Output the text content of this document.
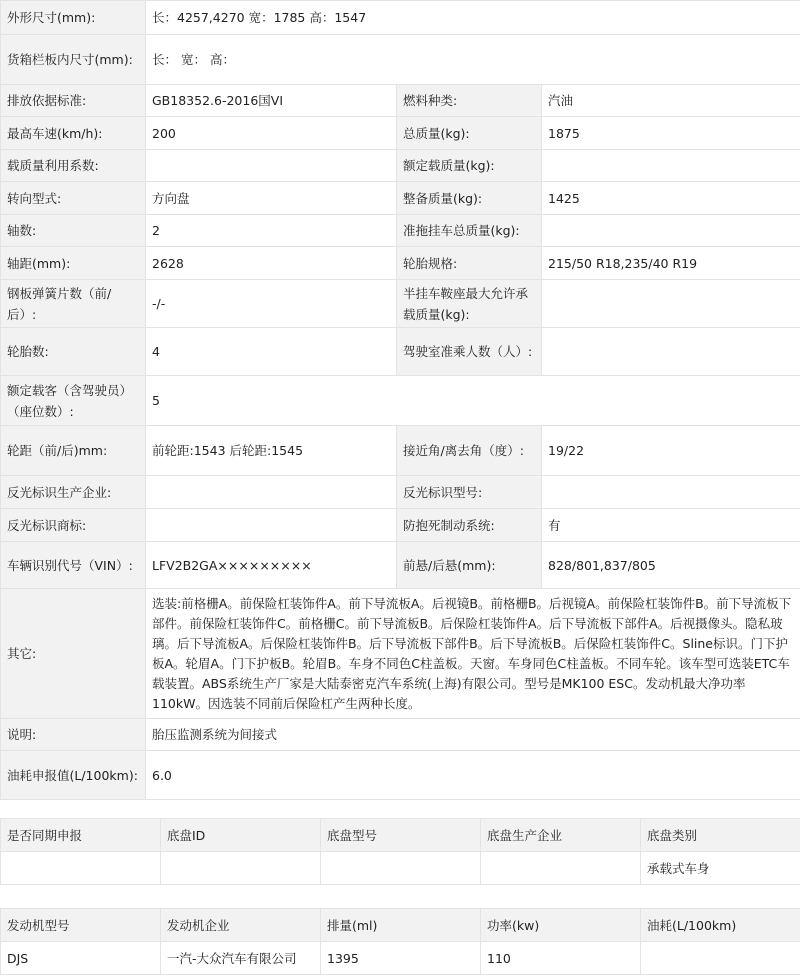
外形尺寸(mm):	长：4257,4270 宽：1785 高：1547		
货箱栏板内尺寸(mm):	长： 宽： 高：		
排放依据标准:	GB18352.6-2016国VI	燃料种类:	汽油
最高车速(km/h):	200	总质量(kg):	1875
载质量利用系数:		额定载质量(kg):	
转向型式:	方向盘	整备质量(kg):	1425
轴数:	2	准拖挂车总质量(kg):	
轴距(mm):	2628	轮胎规格:	215/50 R18,235/40 R19
钢板弹簧片数（前/后）:	-/-	半挂车鞍座最大允许承载质量(kg):	
轮胎数:	4	驾驶室准乘人数（人）:	
额定载客（含驾驶员）（座位数）:	5		
轮距（前/后)mm:	前轮距:1543 后轮距:1545	接近角/离去角（度）:	19/22
反光标识生产企业:		反光标识型号:	
反光标识商标:		防抱死制动系统:	有
车辆识别代号（VIN）:	LFV2B2GA×××××××××	前悬/后悬(mm):	828/801,837/805
其它:	选装:前格栅A。前保险杠装饰件A。前下导流板A。后视镜B。前格栅B。后视镜A。前保险杠装饰件B。前下导流板下部件。前保险杠装饰件C。前格栅C。前下导流板B。后保险杠装饰件A。后下导流板下部件A。后视摄像头。隐私玻璃。后下导流板A。后保险杠装饰件B。后下导流板下部件B。后下导流板B。后保险杠装饰件C。Sline标识。门下护板A。轮眉A。门下护板B。轮眉B。车身不同色C柱盖板。天窗。车身同色C柱盖板。不同车轮。该车型可选装ETC车载装置。ABS系统生产厂家是大陆泰密克汽车系统(上海)有限公司。型号是MK100 ESC。发动机最大净功率110kW。因选装不同前后保险杠产生两种长度。		
说明:	胎压监测系统为间接式		
油耗申报值(L/100km):	6.0		
是否同期申报	底盘ID	底盘型号	底盘生产企业	底盘类别
				承载式车身
发动机型号	发动机企业	排量(ml)	功率(kw)	油耗(L/100km)
DJS	一汽-大众汽车有限公司	1395	110	
